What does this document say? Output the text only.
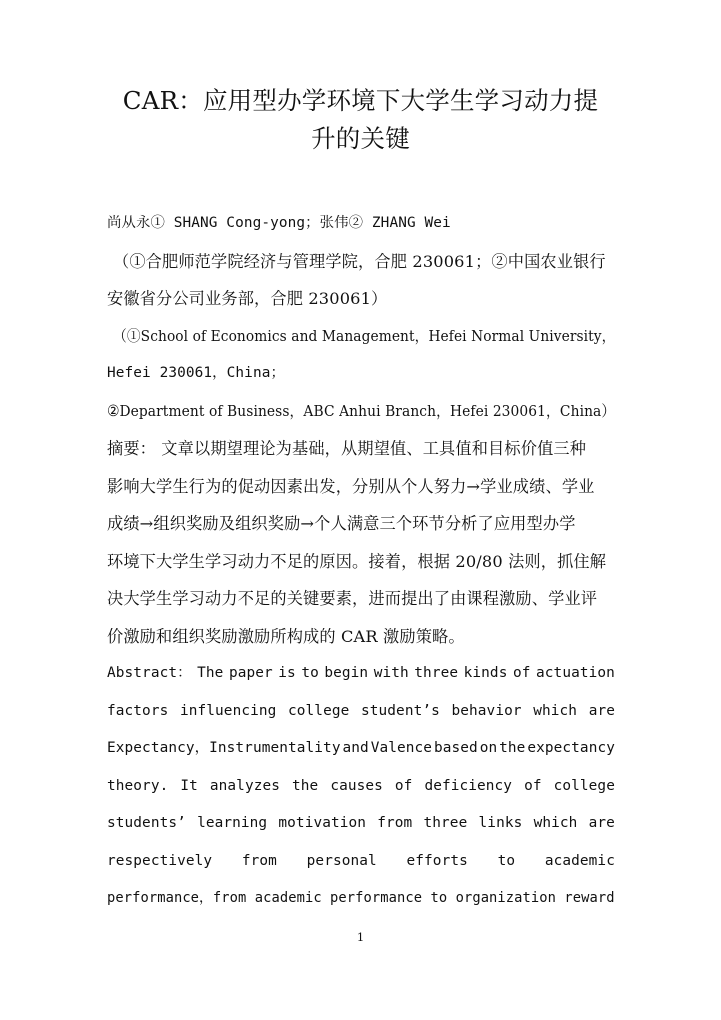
CAR：应用型办学环境下大学生学习动力提
升的关键
尚从永① SHANG Cong-yong；张伟② ZHANG Wei
（①合肥师范学院经济与管理学院，合肥 230061；②中国农业银行
安徽省分公司业务部，合肥 230061）
（①School of Economics and Management，Hefei Normal University，
Hefei 230061，China；
②Department of Business，ABC Anhui Branch，Hefei 230061，China）
摘要： 文章以期望理论为基础，从期望值、工具值和目标价值三种
影响大学生行为的促动因素出发，分别从个人努力→学业成绩、学业
成绩→组织奖励及组织奖励→个人满意三个环节分析了应用型办学
环境下大学生学习动力不足的原因。接着，根据 20/80 法则，抓住解
决大学生学习动力不足的关键要素，进而提出了由课程激励、学业评
价激励和组织奖励激励所构成的 CAR 激励策略。
Abstract： The paper is to begin with three kinds of actuation
factors influencing college student’s behavior which are
Expectancy，Instrumentality and Valence based on the expectancy
theory. It analyzes the causes of deficiency of college
students’ learning motivation from three links which are
respectively from personal efforts to academic
performance，from academic performance to organization reward
1
